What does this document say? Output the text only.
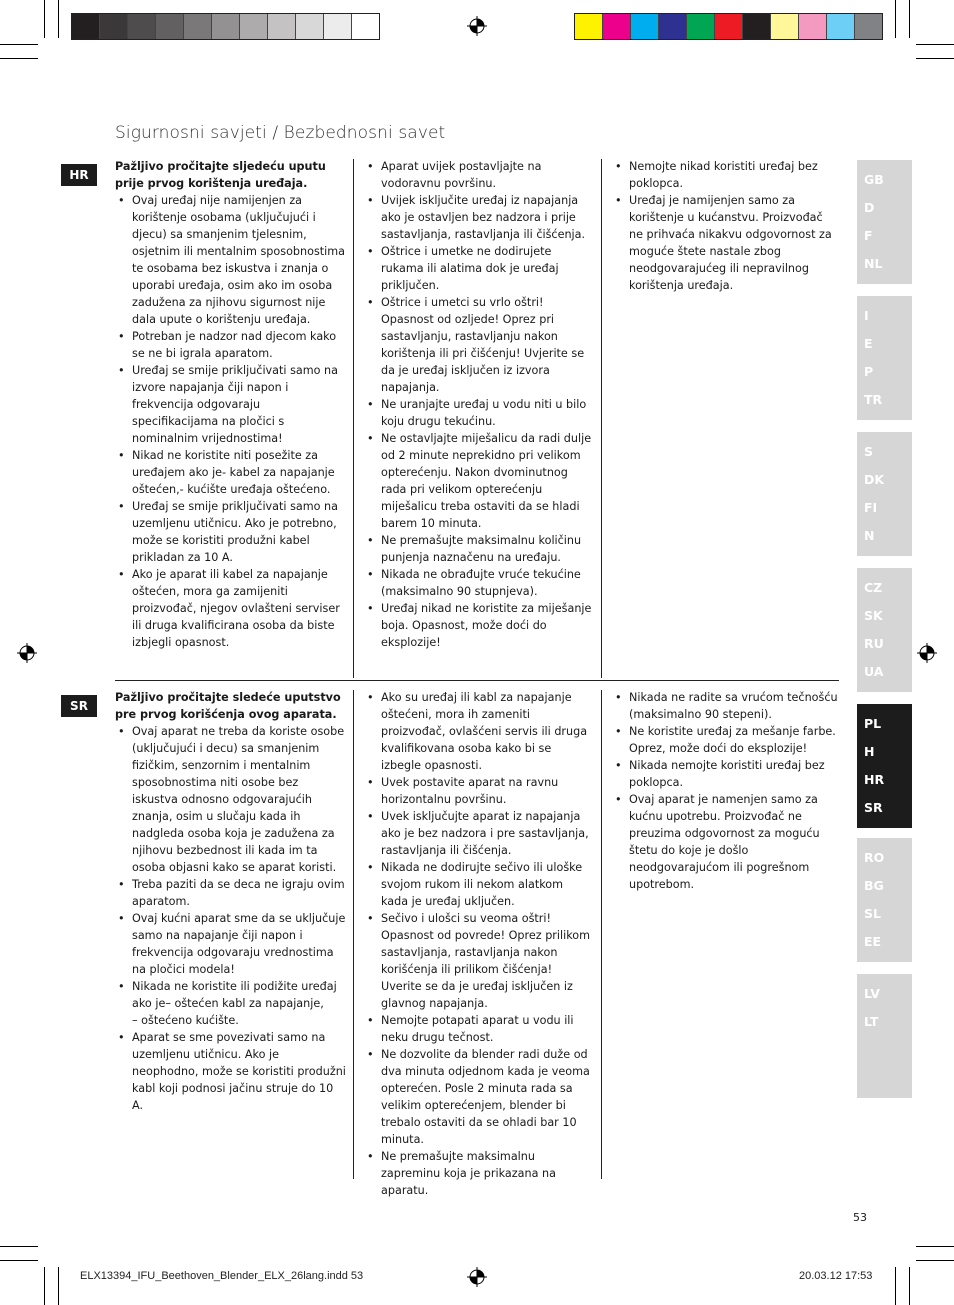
Sigurnosni savjeti / Bezbednosni savet
HR
Pažljivo pročitajte sljedeću uputu prije prvog korištenja uređaja.
• Ovaj uređaj nije namijenjen za korištenje osobama (uključujući i djecu) sa smanjenim tjelesnim, osjetnim ili mentalnim sposobnostima te osobama bez iskustva i znanja o uporabi uređaja, osim ako im osoba zadužena za njihovu sigurnost nije dala upute o korištenju uređaja.
• Potreban je nadzor nad djecom kako se ne bi igrala aparatom.
• Uređaj se smije priključivati samo na izvore napajanja čiji napon i frekvencija odgovaraju specifikacijama na pločici s nominalnim vrijednostima!
• Nikad ne koristite niti posežite za uređajem ako je- kabel za napajanje oštećen,- kućište uređaja oštećeno.
• Uređaj se smije priključivati samo na uzemljenu utičnicu. Ako je potrebno, može se koristiti produžni kabel prikladan za 10 A.
• Ako je aparat ili kabel za napajanje oštećen, mora ga zamijeniti proizvođač, njegov ovlašteni serviser ili druga kvalificirana osoba da biste izbjegli opasnost.
• Aparat uvijek postavljajte na vodoravnu površinu.
• Uvijek isključite uređaj iz napajanja ako je ostavljen bez nadzora i prije sastavljanja, rastavljanja ili čišćenja.
• Oštrice i umetke ne dodirujete rukama ili alatima dok je uređaj priključen.
• Oštrice i umetci su vrlo oštri! Opasnost od ozljede! Oprez pri sastavljanju, rastavljanju nakon korištenja ili pri čišćenju! Uvjerite se da je uređaj isključen iz izvora napajanja.
• Ne uranjajte uređaj u vodu niti u bilo koju drugu tekućinu.
• Ne ostavljajte miješalicu da radi dulje od 2 minute neprekidno pri velikom opterećenju. Nakon dvominutnog rada pri velikom opterećenju miješalicu treba ostaviti da se hladi barem 10 minuta.
• Ne premašujte maksimalnu količinu punjenja naznačenu na uređaju.
• Nikada ne obrađujte vruće tekućine (maksimalno 90 stupnjeva).
• Uređaj nikad ne koristite za miješanje boja. Opasnost, može doći do eksplozije!
• Nemojte nikad koristiti uređaj bez poklopca.
• Uređaj je namijenjen samo za korištenje u kućanstvu. Proizvođač ne prihvaća nikakvu odgovornost za moguće štete nastale zbog neodgovarajućeg ili nepravilnog korištenja uređaja.
SR
Pažljivo pročitajte sledeće uputstvo pre prvog korišćenja ovog aparata.
• Ovaj aparat ne treba da koriste osobe (uključujući i decu) sa smanjenim fizičkim, senzornim i mentalnim sposobnostima niti osobe bez iskustva odnosno odgovarajućih znanja, osim u slučaju kada ih nadgleda osoba koja je zadužena za njihovu bezbednost ili kada im ta osoba objasni kako se aparat koristi.
• Treba paziti da se deca ne igraju ovim aparatom.
• Ovaj kućni aparat sme da se uključuje samo na napajanje čiji napon i frekvencija odgovaraju vrednostima na pločici modela!
• Nikada ne koristite ili podižite uređaj ako je– oštećen kabl za napajanje,
– oštećeno kućište.
• Aparat se sme povezivati samo na uzemljenu utičnicu. Ako je neophodno, može se koristiti produžni kabl koji podnosi jačinu struje do 10 A.
• Ako su uređaj ili kabl za napajanje oštećeni, mora ih zameniti proizvođač, ovlašćeni servis ili druga kvalifikovana osoba kako bi se izbegle opasnosti.
• Uvek postavite aparat na ravnu horizontalnu površinu.
• Uvek isključujte aparat iz napajanja ako je bez nadzora i pre sastavljanja, rastavljanja ili čišćenja.
• Nikada ne dodirujte sečivo ili uloške svojom rukom ili nekom alatkom kada je uređaj uključen.
• Sečivo i ulošci su veoma oštri! Opasnost od povrede! Oprez prilikom sastavljanja, rastavljanja nakon korišćenja ili prilikom čišćenja! Uverite se da je uređaj isključen iz glavnog napajanja.
• Nemojte potapati aparat u vodu ili neku drugu tečnost.
• Ne dozvolite da blender radi duže od dva minuta odjednom kada je veoma opterećen. Posle 2 minuta rada sa velikim opterećenjem, blender bi trebalo ostaviti da se ohladi bar 10 minuta.
• Ne premašujte maksimalnu zapreminu koja je prikazana na aparatu.
• Nikada ne radite sa vrućom tečnošću (maksimalno 90 stepeni).
• Ne koristite uređaj za mešanje farbe. Oprez, može doći do eksplozije!
• Nikada nemojte koristiti uređaj bez poklopca.
• Ovaj aparat je namenjen samo za kućnu upotrebu. Proizvođač ne preuzima odgovornost za moguću štetu do koje je došlo neodgovarajućom ili pogrešnom upotrebom.
GB
D
F
NL
I
E
P
TR
S
DK
FI
N
CZ
SK
RU
UA
PL
H
HR
SR
RO
BG
SL
EE
LV
LT
53
ELX13394_IFU_Beethoven_Blender_ELX_26lang.indd 53	20.03.12 17:53
